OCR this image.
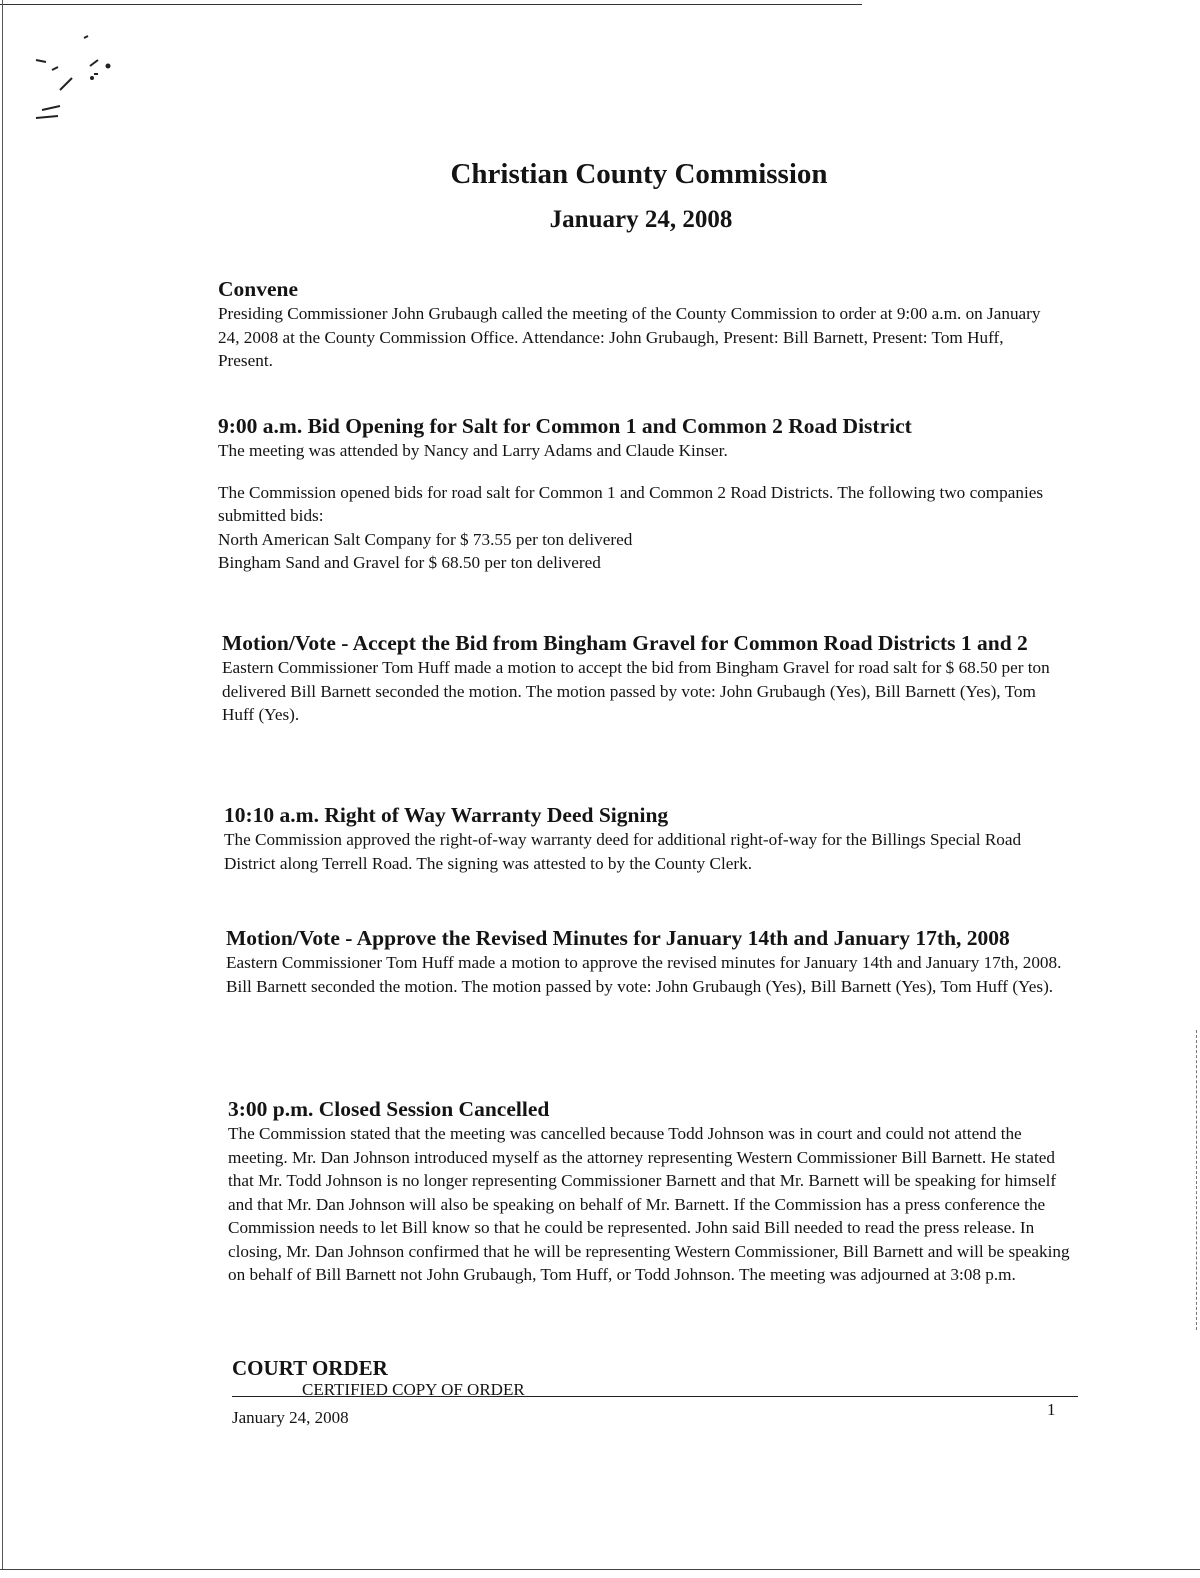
Christian County Commission
January 24, 2008
Convene

Presiding Commissioner John Grubaugh called the meeting of the County Commission to order at 9:00 a.m. on January 24, 2008 at the County Commission Office. Attendance: John Grubaugh, Present: Bill Barnett, Present: Tom Huff, Present.

9:00 a.m. Bid Opening for Salt for Common 1 and Common 2 Road District

The meeting was attended by Nancy and Larry Adams and Claude Kinser.

The Commission opened bids for road salt for Common 1 and Common 2 Road Districts. The following two companies submitted bids:

North American Salt Company for $ 73.55 per ton delivered
Bingham Sand and Gravel for $ 68.50 per ton delivered

Motion/Vote - Accept the Bid from Bingham Gravel for Common Road Districts 1 and 2

Eastern Commissioner Tom Huff made a motion to accept the bid from Bingham Gravel for road salt for $ 68.50 per ton delivered Bill Barnett seconded the motion. The motion passed by vote: John Grubaugh (Yes), Bill Barnett (Yes), Tom Huff (Yes).

10:10 a.m. Right of Way Warranty Deed Signing

The Commission approved the right-of-way warranty deed for additional right-of-way for the Billings Special Road District along Terrell Road. The signing was attested to by the County Clerk.

Motion/Vote - Approve the Revised Minutes for January 14th and January 17th, 2008

Eastern Commissioner Tom Huff made a motion to approve the revised minutes for January 14th and January 17th, 2008. Bill Barnett seconded the motion. The motion passed by vote: John Grubaugh (Yes), Bill Barnett (Yes), Tom Huff (Yes).

3:00 p.m. Closed Session Cancelled

The Commission stated that the meeting was cancelled because Todd Johnson was in court and could not attend the meeting. Mr. Dan Johnson introduced myself as the attorney representing Western Commissioner Bill Barnett. He stated that Mr. Todd Johnson is no longer representing Commissioner Barnett and that Mr. Barnett will be speaking for himself and that Mr. Dan Johnson will also be speaking on behalf of Mr. Barnett. If the Commission has a press conference the Commission needs to let Bill know so that he could be represented. John said Bill needed to read the press release. In closing, Mr. Dan Johnson confirmed that he will be representing Western Commissioner, Bill Barnett and will be speaking on behalf of Bill Barnett not John Grubaugh, Tom Huff, or Todd Johnson. The meeting was adjourned at 3:08 p.m.

COURT ORDER
CERTIFIED COPY OF ORDER
January 24, 2008	1
